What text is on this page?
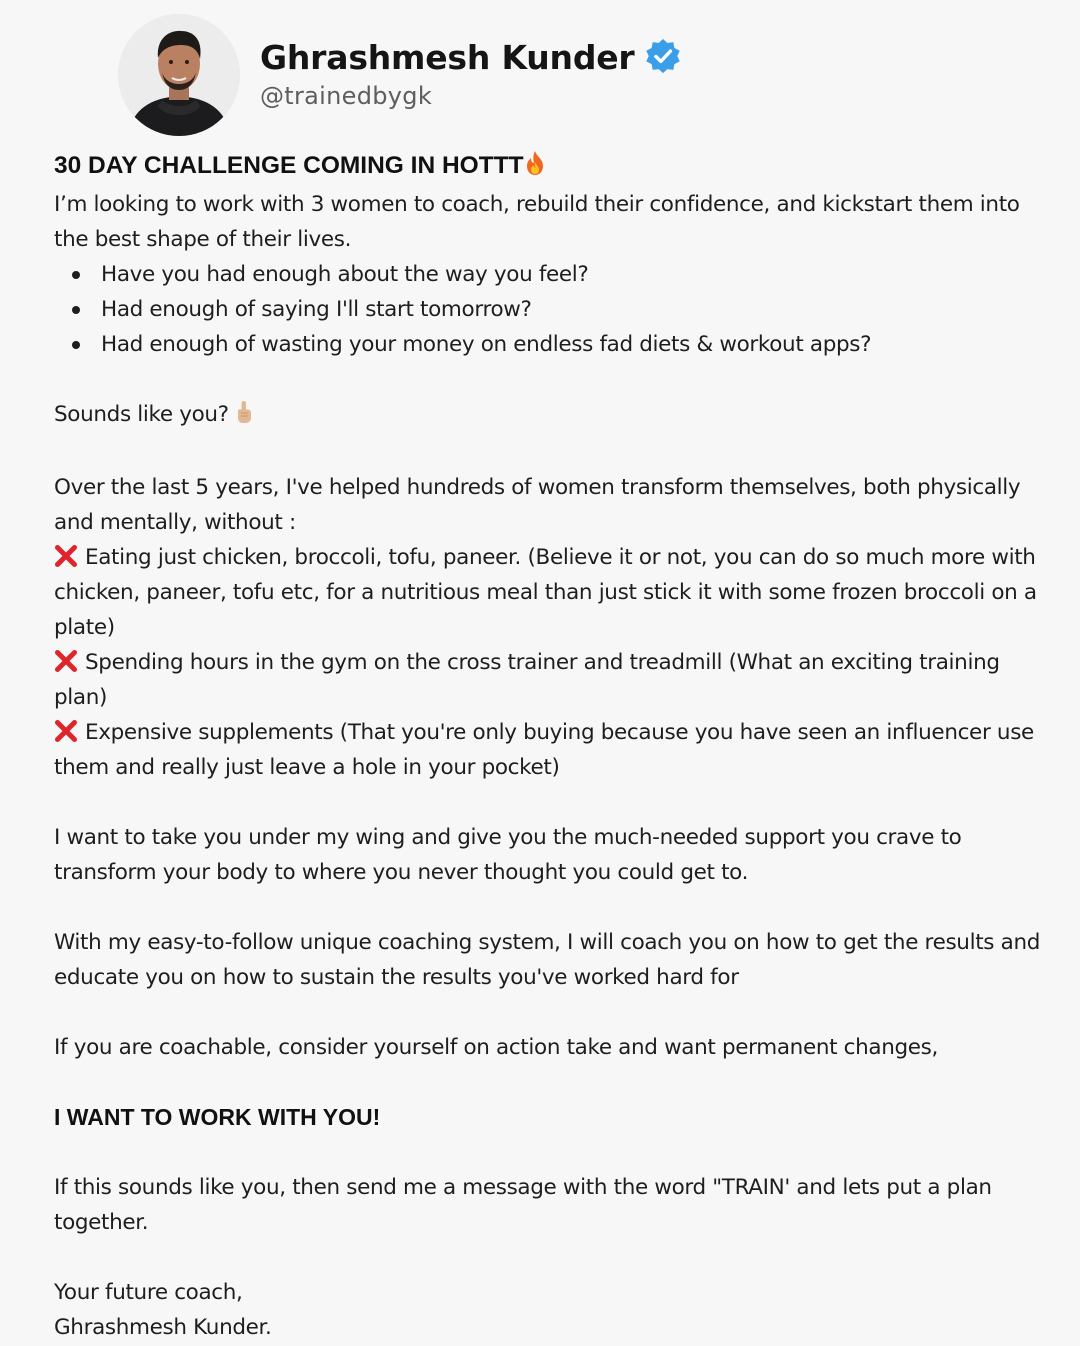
Ghrashmesh Kunder
@trainedbygk

30 DAY CHALLENGE COMING IN HOTTT

I’m looking to work with 3 women to coach, rebuild their confidence, and kickstart them into the best shape of their lives.

Have you had enough about the way you feel?
Had enough of saying I'll start tomorrow?
Had enough of wasting your money on endless fad diets & workout apps?

Sounds like you?

Over the last 5 years, I've helped hundreds of women transform themselves, both physically and mentally, without :

Eating just chicken, broccoli, tofu, paneer. (Believe it or not, you can do so much more with chicken, paneer, tofu etc, for a nutritious meal than just stick it with some frozen broccoli on a plate)

Spending hours in the gym on the cross trainer and treadmill (What an exciting training plan)

Expensive supplements (That you're only buying because you have seen an influencer use them and really just leave a hole in your pocket)

I want to take you under my wing and give you the much-needed support you crave to transform your body to where you never thought you could get to.

With my easy-to-follow unique coaching system, I will coach you on how to get the results and educate you on how to sustain the results you've worked hard for

If you are coachable, consider yourself on action take and want permanent changes,

I WANT TO WORK WITH YOU!

If this sounds like you, then send me a message with the word "TRAIN' and lets put a plan together.

Your future coach,

Ghrashmesh Kunder.
